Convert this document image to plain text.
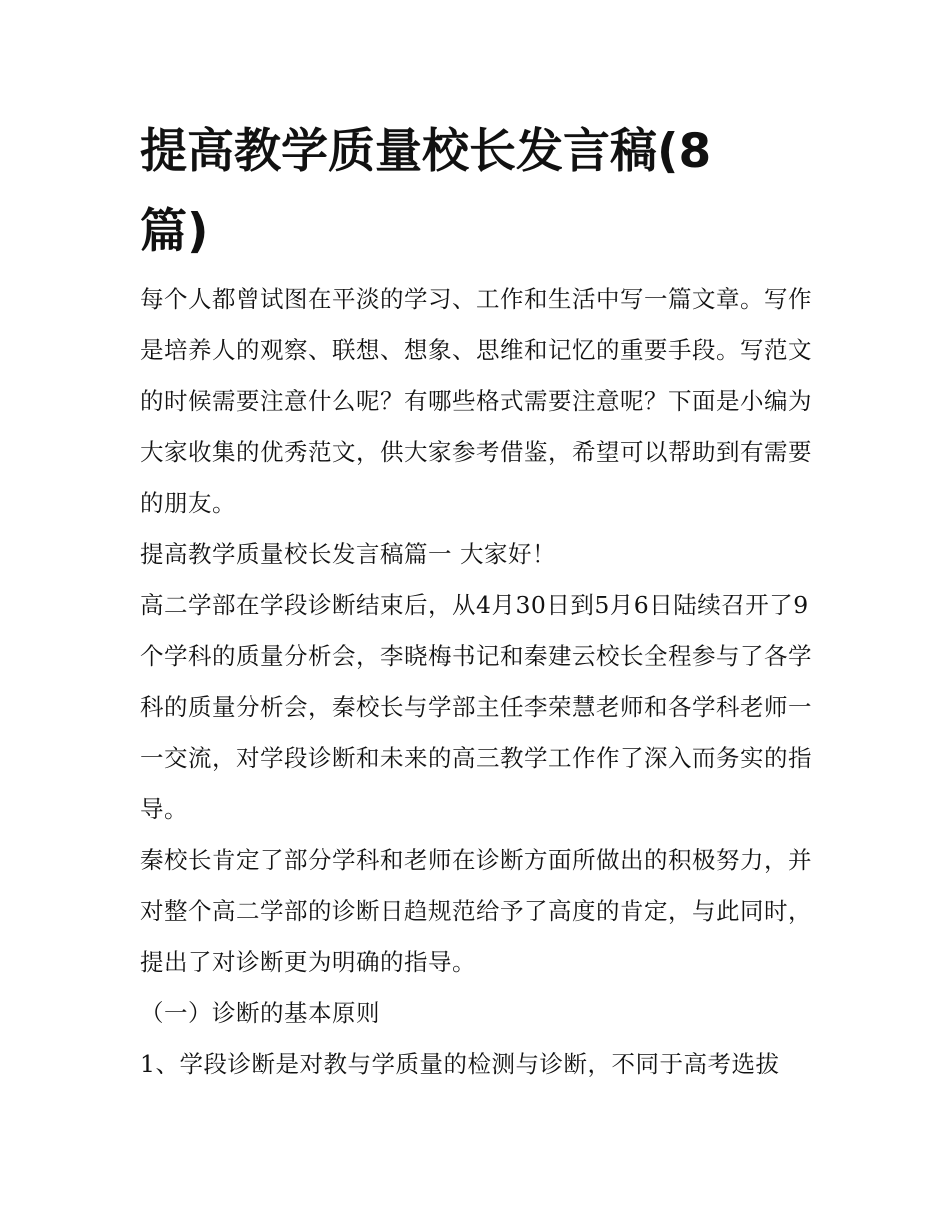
提高教学质量校长发言稿(8篇)

每个人都曾试图在平淡的学习、工作和生活中写一篇文章。写作是培养人的观察、联想、想象、思维和记忆的重要手段。写范文的时候需要注意什么呢？有哪些格式需要注意呢？下面是小编为大家收集的优秀范文，供大家参考借鉴，希望可以帮助到有需要的朋友。

提高教学质量校长发言稿篇一 大家好！

高二学部在学段诊断结束后，从4月30日到5月6日陆续召开了9个学科的质量分析会，李晓梅书记和秦建云校长全程参与了各学科的质量分析会，秦校长与学部主任李荣慧老师和各学科老师一一交流，对学段诊断和未来的高三教学工作作了深入而务实的指导。

秦校长肯定了部分学科和老师在诊断方面所做出的积极努力，并对整个高二学部的诊断日趋规范给予了高度的肯定，与此同时，提出了对诊断更为明确的指导。

（一）诊断的基本原则

1、学段诊断是对教与学质量的检测与诊断，不同于高考选拔
